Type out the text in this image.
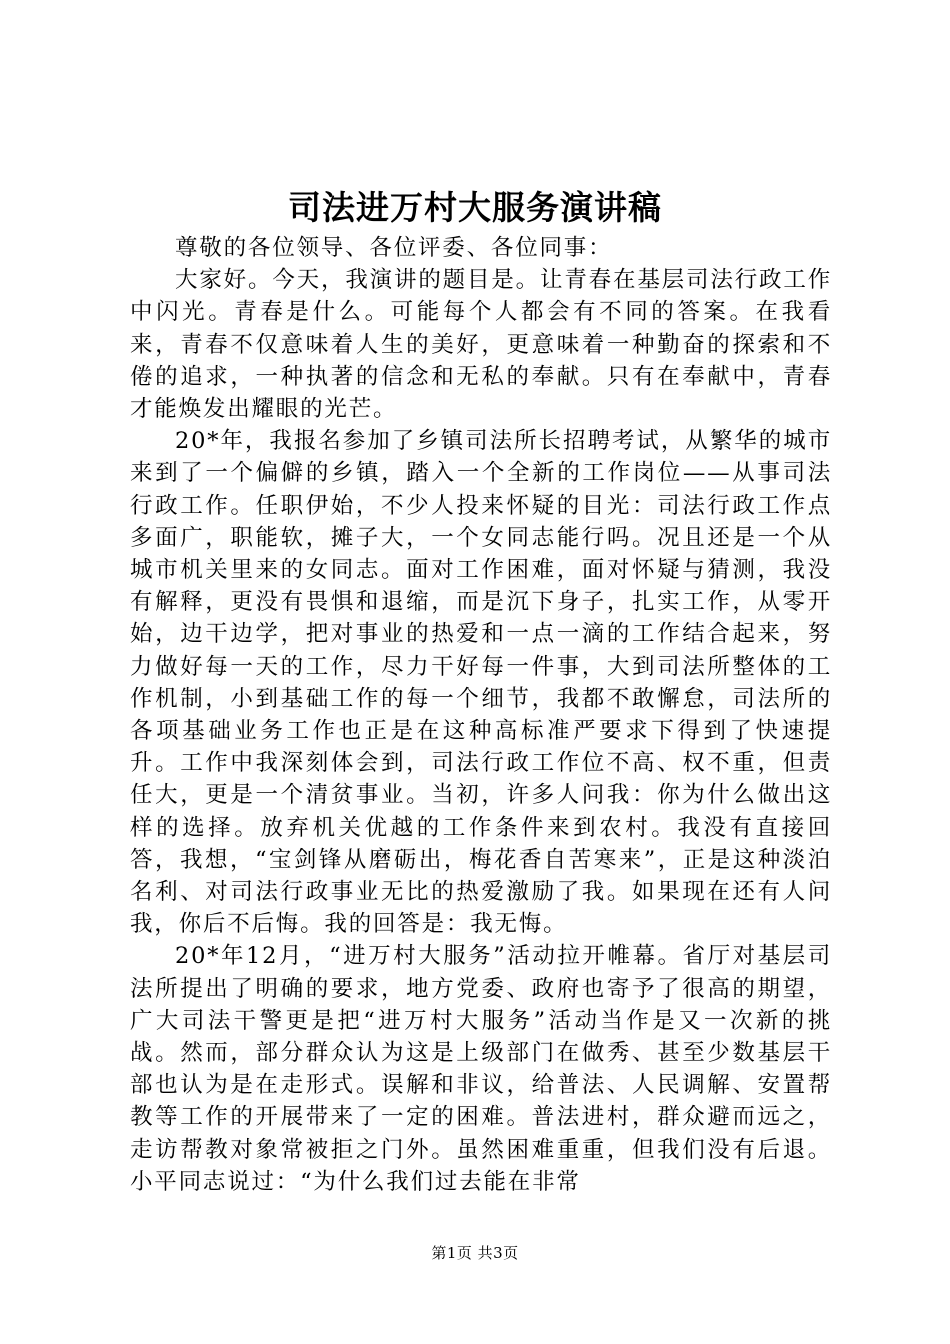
司法进万村大服务演讲稿

尊敬的各位领导、各位评委、各位同事：

大家好。今天，我演讲的题目是。让青春在基层司法行政工作中闪光。青春是什么。可能每个人都会有不同的答案。在我看来，青春不仅意味着人生的美好，更意味着一种勤奋的探索和不倦的追求，一种执著的信念和无私的奉献。只有在奉献中，青春才能焕发出耀眼的光芒。

20*年，我报名参加了乡镇司法所长招聘考试，从繁华的城市来到了一个偏僻的乡镇，踏入一个全新的工作岗位——从事司法行政工作。任职伊始，不少人投来怀疑的目光：司法行政工作点多面广，职能软，摊子大，一个女同志能行吗。况且还是一个从城市机关里来的女同志。面对工作困难，面对怀疑与猜测，我没有解释，更没有畏惧和退缩，而是沉下身子，扎实工作，从零开始，边干边学，把对事业的热爱和一点一滴的工作结合起来，努力做好每一天的工作，尽力干好每一件事，大到司法所整体的工作机制，小到基础工作的每一个细节，我都不敢懈怠，司法所的各项基础业务工作也正是在这种高标准严要求下得到了快速提升。工作中我深刻体会到，司法行政工作位不高、权不重，但责任大，更是一个清贫事业。当初，许多人问我：你为什么做出这样的选择。放弃机关优越的工作条件来到农村。我没有直接回答，我想，“宝剑锋从磨砺出，梅花香自苦寒来”，正是这种淡泊名利、对司法行政事业无比的热爱激励了我。如果现在还有人问我，你后不后悔。我的回答是：我无悔。

20*年12月，“进万村大服务”活动拉开帷幕。省厅对基层司法所提出了明确的要求，地方党委、政府也寄予了很高的期望，广大司法干警更是把“进万村大服务”活动当作是又一次新的挑战。然而，部分群众认为这是上级部门在做秀、甚至少数基层干部也认为是在走形式。误解和非议，给普法、人民调解、安置帮教等工作的开展带来了一定的困难。普法进村，群众避而远之，走访帮教对象常被拒之门外。虽然困难重重，但我们没有后退。小平同志说过：“为什么我们过去能在非常

第1页 共3页
